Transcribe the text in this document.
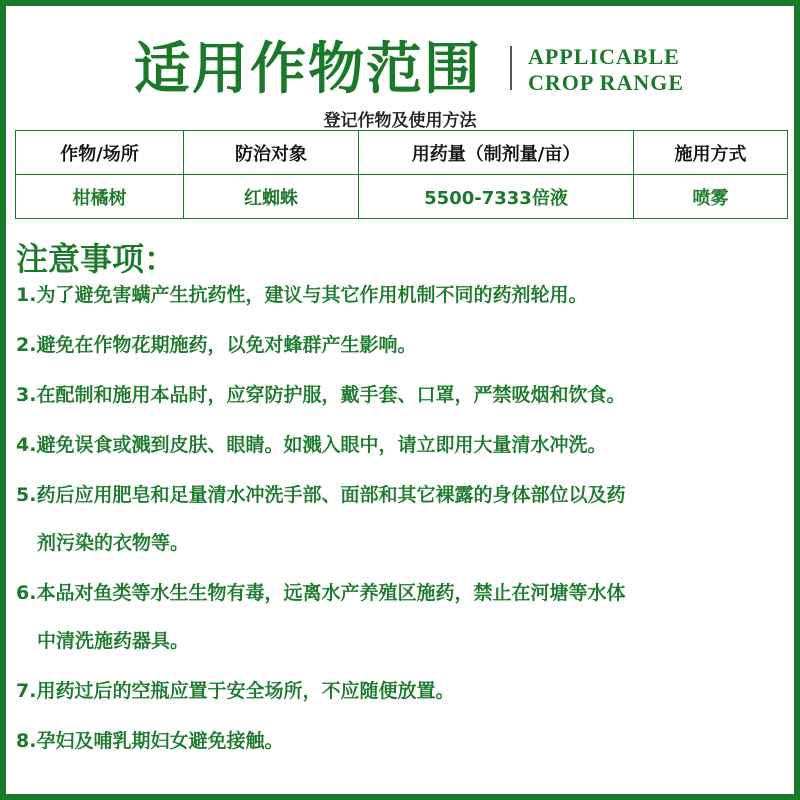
适用作物范围 APPLICABLE
CROP RANGE
登记作物及使用方法
作物/场所	防治对象	用药量（制剂量/亩）	施用方式
柑橘树	红蜘蛛	5500-7333倍液	喷雾
注意事项：
1.为了避免害螨产生抗药性，建议与其它作用机制不同的药剂轮用。
2.避免在作物花期施药，以免对蜂群产生影响。
3.在配制和施用本品时，应穿防护服，戴手套、口罩，严禁吸烟和饮食。
4.避免误食或溅到皮肤、眼睛。如溅入眼中，请立即用大量清水冲洗。
5.药后应用肥皂和足量清水冲洗手部、面部和其它裸露的身体部位以及药
剂污染的衣物等。
6.本品对鱼类等水生生物有毒，远离水产养殖区施药，禁止在河塘等水体
中清洗施药器具。
7.用药过后的空瓶应置于安全场所，不应随便放置。
8.孕妇及哺乳期妇女避免接触。
